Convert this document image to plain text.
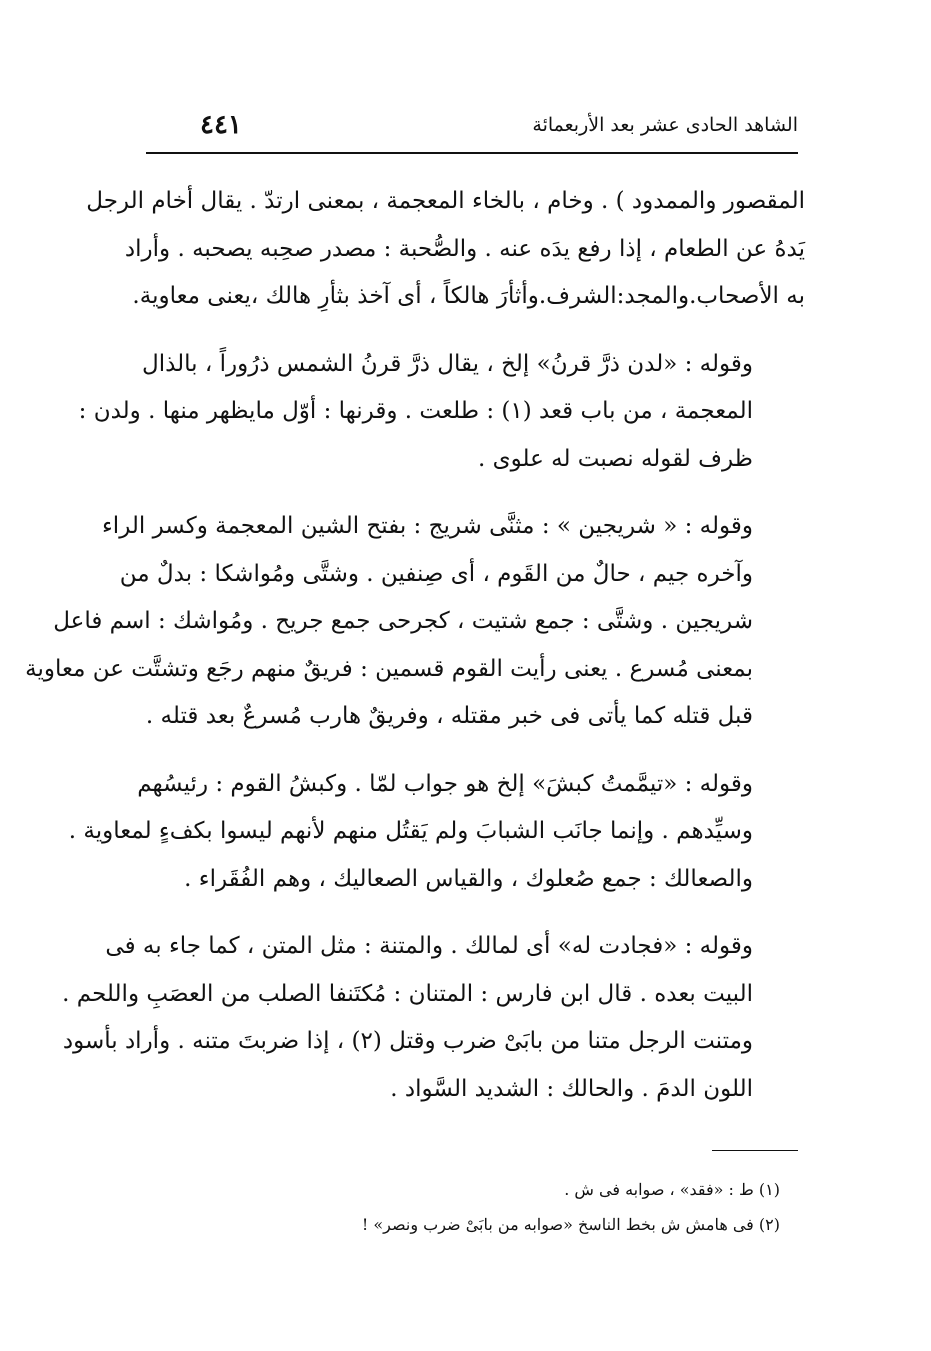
٤٤١	الشاهد الحادى عشر بعد الأربعمائة

المقصور والممدود ) . وخام ، بالخاء المعجمة ، بمعنى ارتدّ . يقال أخام الرجل
يَدهُ عن الطعام ، إذا رفع يدَه عنه . والصُّحبة : مصدر صحِبه يصحبه . وأراد
به الأصحاب.والمجد:الشرف.وأثأرَ هالكاً ، أى آخذ بثأرِ هالك ،يعنى معاوية.

وقوله : «لدن ذرَّ قرنُ» إلخ ، يقال ذرَّ قرنُ الشمس ذرُوراً ، بالذال
المعجمة ، من باب قعد (١) : طلعت . وقرنها : أوّل مايظهر منها . ولدن :
ظرف لقوله نصبت له علوى .

وقوله : « شريجين » : مثنَّى شريج : بفتح الشين المعجمة وكسر الراء
وآخره جيم ، حالٌ من القَوم ، أى صِنفين . وشتَّى ومُواشكا : بدلٌ من
شريجين . وشتَّى : جمع شتيت ، كجرحى جمع جريح . ومُواشك : اسم فاعل
بمعنى مُسرع . يعنى رأيت القوم قسمين : فريقٌ منهم رجَع وتشتَّت عن معاوية
قبل قتله كما يأتى فى خبر مقتله ، وفريقٌ هارب مُسرعٌ بعد قتله .

وقوله : «تيمَّمتُ كبشَ» إلخ هو جواب لمّا . وكبشُ القوم : رئيسُهم
وسيِّدهم . وإنما جانَب الشبابَ ولم يَقتُل منهم لأنهم ليسوا بكفءٍ لمعاوية .
والصعالك : جمع صُعلوك ، والقياس الصعاليك ، وهم الفُقَراء .

وقوله : «فجادت له» أى لمالك . والمتنة : مثل المتن ، كما جاء به فى
البيت بعده . قال ابن فارس : المتنان : مُكتَنفا الصلب من العصَبِ واللحم .
ومتنت الرجل متنا من بابَىْ ضرب وقتل (٢) ، إذا ضربتَ متنه . وأراد بأسود
اللون الدمَ . والحالك : الشديد السَّواد .

(١) ط : «فقد» ، صوابه فى ش .
(٢) فى هامش ش بخط الناسخ «صوابه من بابَىْ ضرب ونصر» !
